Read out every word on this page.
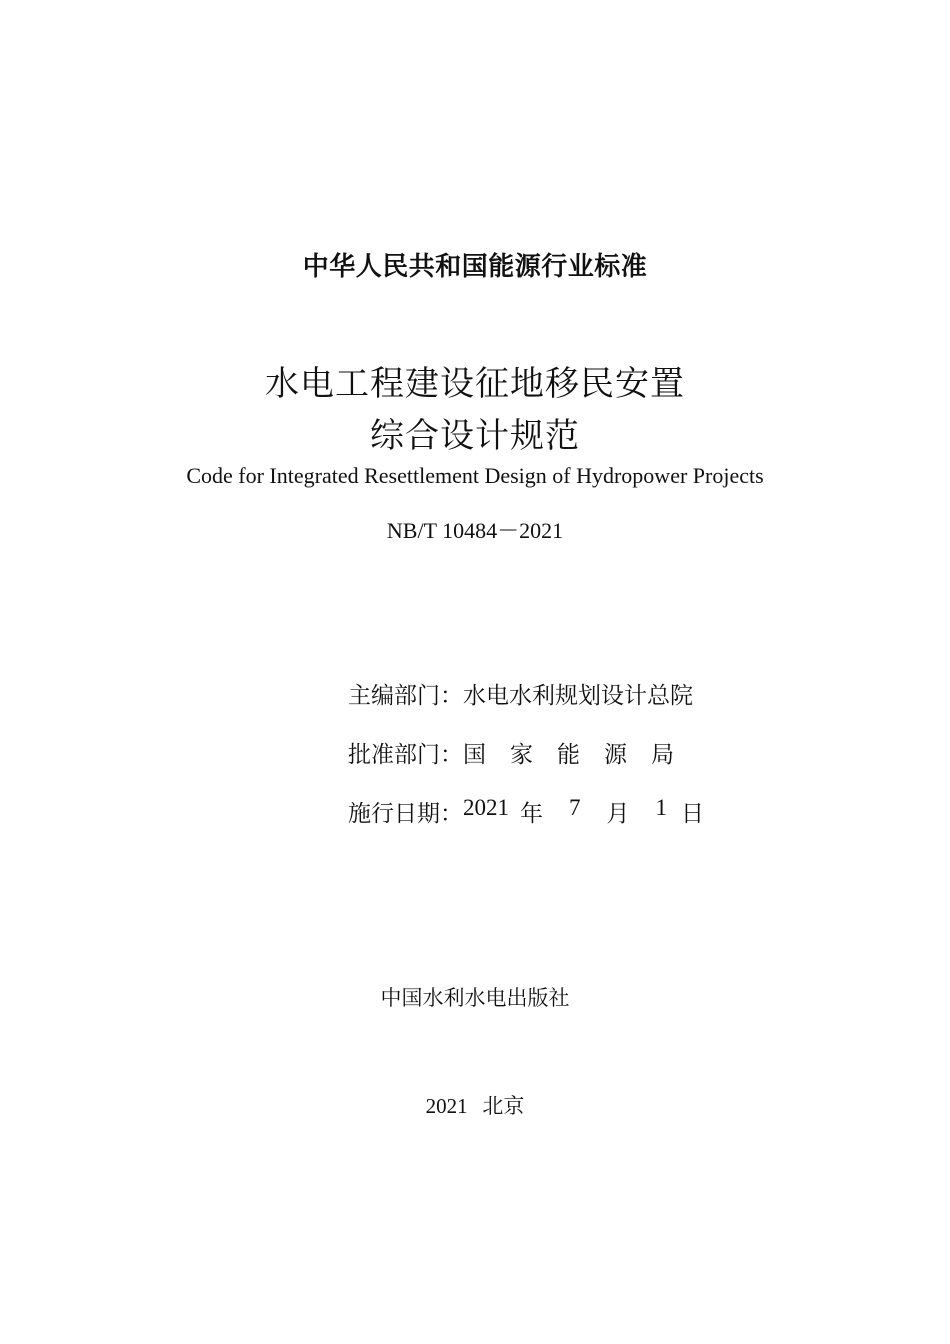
中华人民共和国能源行业标准
水电工程建设征地移民安置
综合设计规范
Code for Integrated Resettlement Design of Hydropower Projects
NB/T 10484－2021
主编部门： 水电水利规划设计总院
批准部门： 国家能源局
施行日期： 2021 年 7 月 1 日
中国水利水电出版社
2021 北京
